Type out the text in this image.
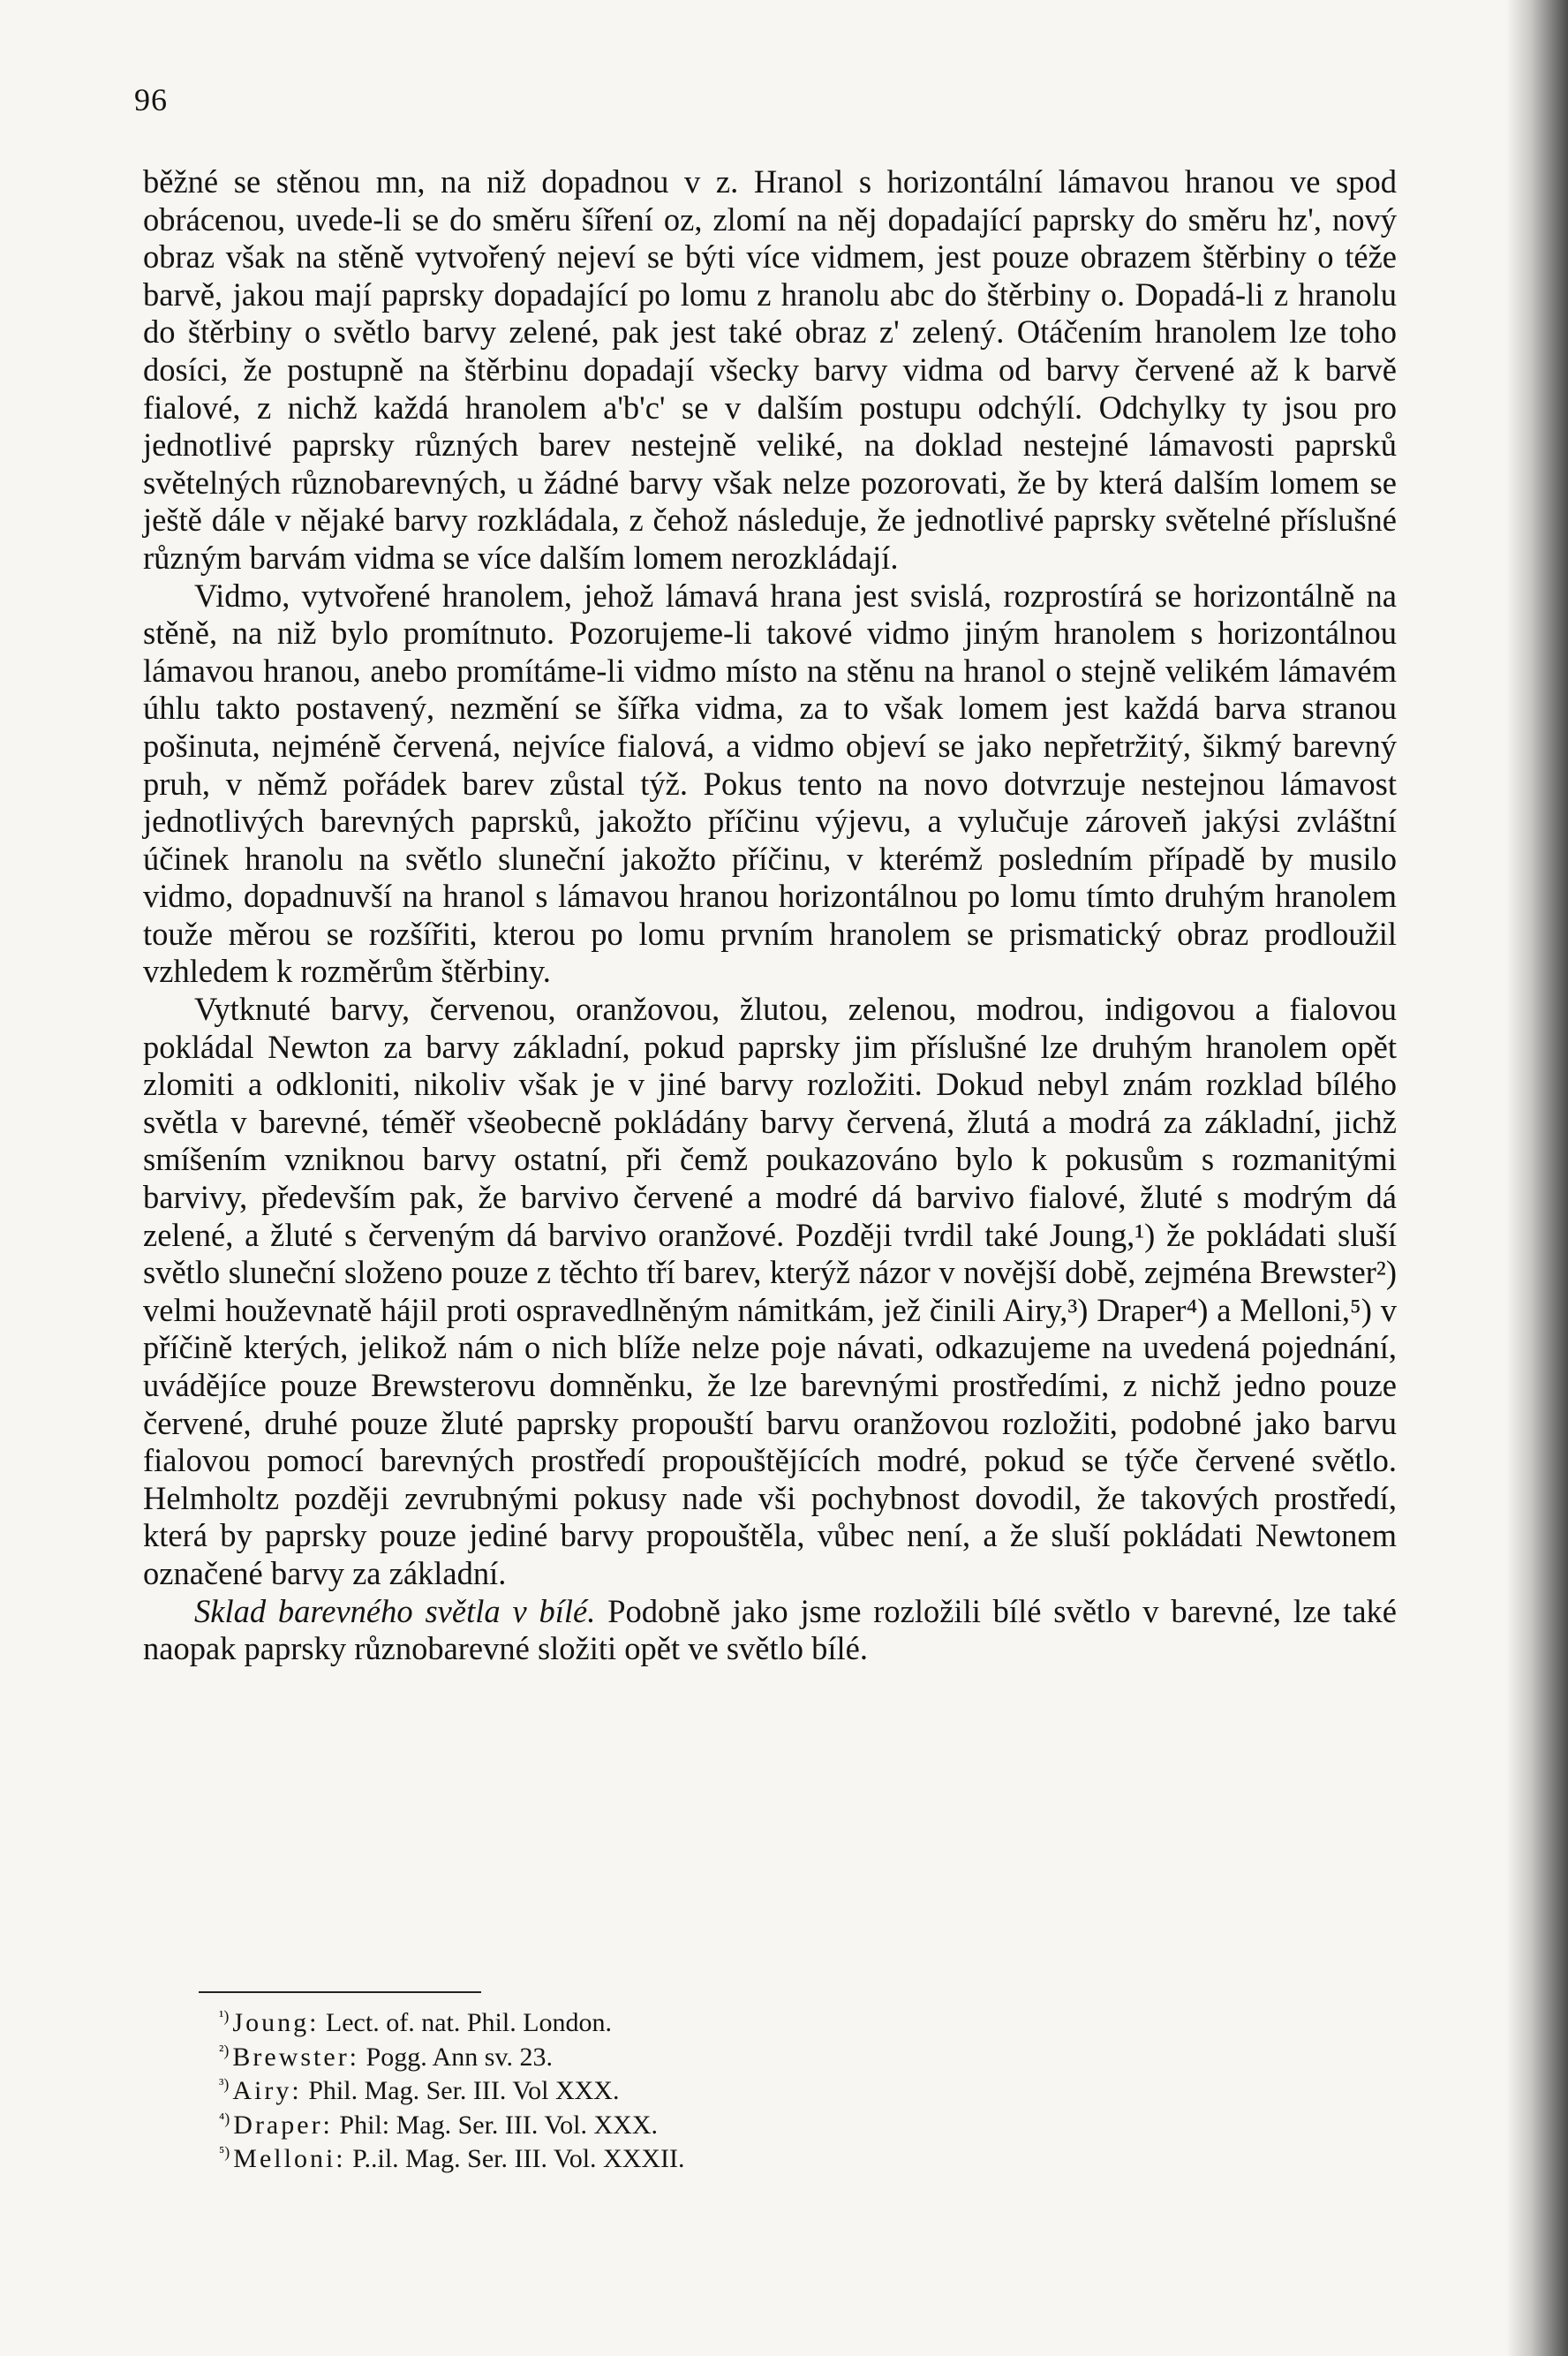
96

běžné se stěnou mn, na niž dopadnou v z. Hranol s horizontální lámavou hranou ve spod obrácenou, uvede-li se do směru šíření oz, zlomí na něj dopadající paprsky do směru hz', nový obraz však na stěně vytvořený nejeví se býti více vidmem, jest pouze obrazem štěrbiny o téže barvě, jakou mají paprsky dopadající po lomu z hranolu abc do štěrbiny o. Dopadá-li z hranolu do štěrbiny o světlo barvy zelené, pak jest také obraz z' zelený. Otáčením hranolem lze toho dosíci, že postupně na štěrbinu dopadají všecky barvy vidma od barvy červené až k barvě fialové, z nichž každá hranolem a'b'c' se v dalším postupu odchýlí. Odchylky ty jsou pro jednotlivé paprsky různých barev nestejně veliké, na doklad nestejné lámavosti paprsků světelných různobarevných, u žádné barvy však nelze pozorovati, že by která dalším lomem se ještě dále v nějaké barvy rozkládala, z čehož následuje, že jednotlivé paprsky světelné příslušné různým barvám vidma se více dalším lomem nerozkládají.

Vidmo, vytvořené hranolem, jehož lámavá hrana jest svislá, rozprostírá se horizontálně na stěně, na niž bylo promítnuto. Pozorujeme-li takové vidmo jiným hranolem s horizontálnou lámavou hranou, anebo promítáme-li vidmo místo na stěnu na hranol o stejně velikém lámavém úhlu takto postavený, nezmění se šířka vidma, za to však lomem jest každá barva stranou pošinuta, nejméně červená, nejvíce fialová, a vidmo objeví se jako nepřetržitý, šikmý barevný pruh, v němž pořádek barev zůstal týž. Pokus tento na novo dotvrzuje nestejnou lámavost jednotlivých barevných paprsků, jakožto příčinu výjevu, a vylučuje zároveň jakýsi zvláštní účinek hranolu na světlo sluneční jakožto příčinu, v kterémž posledním případě by musilo vidmo, dopadnuvší na hranol s lámavou hranou horizontálnou po lomu tímto druhým hranolem touže měrou se rozšířiti, kterou po lomu prvním hranolem se prismatický obraz prodloužil vzhledem k rozměrům štěrbiny.

Vytknuté barvy, červenou, oranžovou, žlutou, zelenou, modrou, indigovou a fialovou pokládal Newton za barvy základní, pokud paprsky jim příslušné lze druhým hranolem opět zlomiti a odkloniti, nikoliv však je v jiné barvy rozložiti. Dokud nebyl znám rozklad bílého světla v barevné, téměř všeobecně pokládány barvy červená, žlutá a modrá za základní, jichž smíšením vzniknou barvy ostatní, při čemž poukazováno bylo k pokusům s rozmanitými barvivy, především pak, že barvivo červené a modré dá barvivo fialové, žluté s modrým dá zelené, a žluté s červeným dá barvivo oranžové. Později tvrdil také Joung,¹) že pokládati sluší světlo sluneční složeno pouze z těchto tří barev, kterýž názor v novější době, zejména Brewster²) velmi houževnatě hájil proti ospravedlněným námitkám, jež činili Airy,³) Draper⁴) a Melloni,⁵) v příčině kterých, jelikož nám o nich blíže nelze poje návati, odkazujeme na uvedená pojednání, uvádějíce pouze Brewsterovu domněnku, že lze barevnými prostředími, z nichž jedno pouze červené, druhé pouze žluté paprsky propouští barvu oranžovou rozložiti, podobné jako barvu fialovou pomocí barevných prostředí propouštějících modré, pokud se týče červené světlo. Helmholtz později zevrubnými pokusy nade vši pochybnost dovodil, že takových prostředí, která by paprsky pouze jediné barvy propouštěla, vůbec není, a že sluší pokládati Newtonem označené barvy za základní.

Sklad barevného světla v bílé. Podobně jako jsme rozložili bílé světlo v barevné, lze také naopak paprsky různobarevné složiti opět ve světlo bílé.

$^{^1)}$ Joung: Lect. of. nat. Phil. London.
$^{^2)}$ Brewster: Pogg. Ann sv. 23.
$^{^3)}$ Airy: Phil. Mag. Ser. III. Vol XXX.
$^{^4)}$ Draper: Phil: Mag. Ser. III. Vol. XXX.
$^{^5)}$ Melloni: P..il. Mag. Ser. III. Vol. XXXII.
